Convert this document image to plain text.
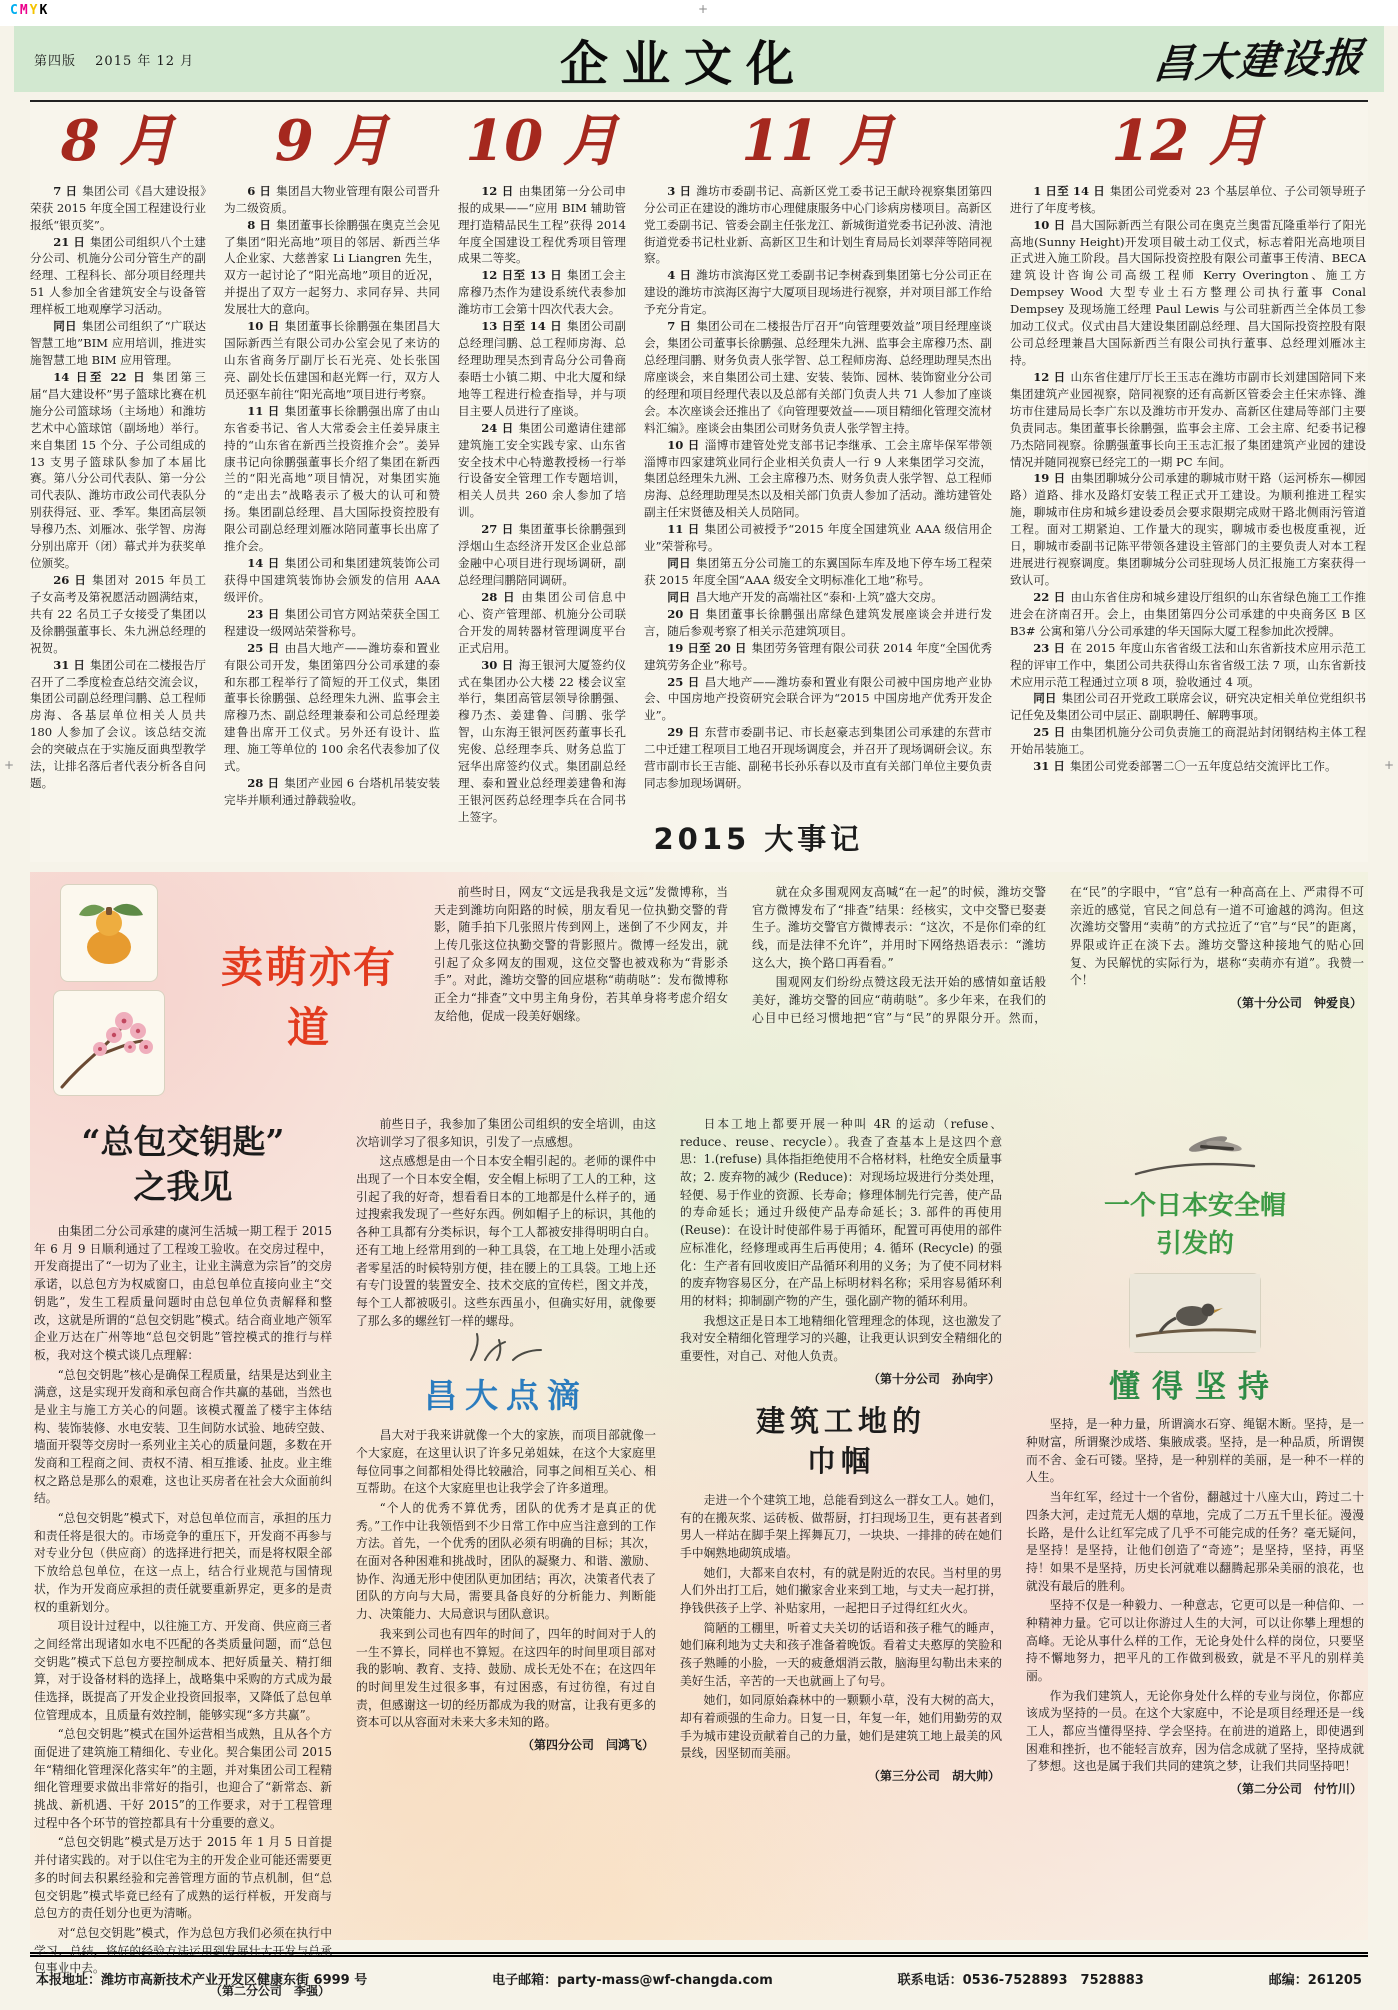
CMYK	+
+	+
第四版　 2015 年 12 月	企业文化	昌大建设报
8 月

7 日 集团公司《昌大建设报》荣获 2015 年度全国工程建设行业报纸“银页奖”。

21 日 集团公司组织八个土建分公司、机施分公司分管生产的副经理、工程科长、部分项目经理共 51 人参加全省建筑安全与设备管理样板工地观摩学习活动。

同日 集团公司组织了“广联达智慧工地”BIM 应用培训，推进实施智慧工地 BIM 应用管理。

14 日至 22 日 集团第三届“昌大建设杯”男子篮球比赛在机施分公司篮球场（主场地）和潍坊艺术中心篮球馆（副场地）举行。来自集团 15 个分、子公司组成的 13 支男子篮球队参加了本届比赛。第八分公司代表队、第一分公司代表队、潍坊市政公司代表队分别获得冠、亚、季军。集团高层领导穆乃杰、刘雁冰、张学智、房海分别出席开（闭）幕式并为获奖单位颁奖。

26 日 集团对 2015 年员工子女高考及第祝愿活动圆满结束，共有 22 名员工子女接受了集团以及徐鹏强董事长、朱九洲总经理的祝贺。

31 日 集团公司在二楼报告厅召开了二季度检查总结交流会议，集团公司副总经理闫鹏、总工程师房海、各基层单位相关人员共 180 人参加了会议。该总结交流会的突破点在于实施反面典型教学法，让排名落后者代表分析各自问题。

9 月

6 日 集团昌大物业管理有限公司晋升为二级资质。

8 日 集团董事长徐鹏强在奥克兰会见了集团“阳光高地”项目的邻居、新西兰华人企业家、大慈善家 Li Liangren 先生，双方一起讨论了“阳光高地”项目的近况，并提出了双方一起努力、求同存异、共同发展壮大的意向。

10 日 集团董事长徐鹏强在集团昌大国际新西兰有限公司办公室会见了来访的山东省商务厅副厅长石光亮、处长张国亮、副处长伍建国和赵光辉一行，双方人员还驱车前往“阳光高地”项目进行考察。

11 日 集团董事长徐鹏强出席了由山东省委书记、省人大常委会主任姜异康主持的“山东省在新西兰投资推介会”。姜异康书记向徐鹏强董事长介绍了集团在新西兰的“阳光高地”项目情况，对集团实施的“走出去”战略表示了极大的认可和赞扬。集团副总经理、昌大国际投资控股有限公司副总经理刘雁冰陪同董事长出席了推介会。

14 日 集团公司和集团建筑装饰公司获得中国建筑装饰协会颁发的信用 AAA 级评价。

23 日 集团公司官方网站荣获全国工程建设一级网站荣誉称号。

25 日 由昌大地产——潍坊泰和置业有限公司开发，集团第四分公司承建的泰和东郡工程举行了简短的开工仪式，集团董事长徐鹏强、总经理朱九洲、监事会主席穆乃杰、副总经理兼泰和公司总经理姜建鲁出席开工仪式。另外还有设计、监理、施工等单位的 100 余名代表参加了仪式。

28 日 集团产业园 6 台塔机吊装安装完毕并顺利通过静载验收。

10 月

12 日 由集团第一分公司申报的成果——“应用 BIM 辅助管理打造精品民生工程”获得 2014 年度全国建设工程优秀项目管理成果二等奖。

12 日至 13 日 集团工会主席穆乃杰作为建设系统代表参加潍坊市工会第十四次代表大会。

13 日至 14 日 集团公司副总经理闫鹏、总工程师房海、总经理助理吴杰到青岛分公司鲁商泰晤士小镇二期、中北大厦和绿地等工程进行检查指导，并与项目主要人员进行了座谈。

24 日 集团公司邀请住建部建筑施工安全实践专家、山东省安全技术中心特邀教授杨一行举行设备安全管理工作专题培训，相关人员共 260 余人参加了培训。

27 日 集团董事长徐鹏强到浮烟山生态经济开发区企业总部金融中心项目进行现场调研，副总经理闫鹏陪同调研。

28 日 由集团公司信息中心、资产管理部、机施分公司联合开发的周转器材管理调度平台正式启用。

30 日 海王银河大厦签约仪式在集团办公大楼 22 楼会议室举行，集团高管层领导徐鹏强、穆乃杰、姜建鲁、闫鹏、张学智，山东海王银河医药董事长孔宪俊、总经理李兵、财务总监丁冠华出席签约仪式。集团副总经理、泰和置业总经理姜建鲁和海王银河医药总经理李兵在合同书上签字。

11 月

3 日 潍坊市委副书记、高新区党工委书记王献玲视察集团第四分公司正在建设的潍坊市心理健康服务中心门诊病房楼项目。高新区党工委副书记、管委会副主任张龙江、新城街道党委书记孙波、清池街道党委书记杜业新、高新区卫生和计划生育局局长刘翠萍等陪同视察。

4 日 潍坊市滨海区党工委副书记李树森到集团第七分公司正在建设的潍坊市滨海区海宁大厦项目现场进行视察，并对项目部工作给予充分肯定。

7 日 集团公司在二楼报告厅召开“向管理要效益”项目经理座谈会，集团公司董事长徐鹏强、总经理朱九洲、监事会主席穆乃杰、副总经理闫鹏、财务负责人张学智、总工程师房海、总经理助理吴杰出席座谈会，来自集团公司土建、安装、装饰、园林、装饰窗业分公司的经理和项目经理代表以及总部有关部门负责人共 71 人参加了座谈会。本次座谈会还推出了《向管理要效益——项目精细化管理交流材料汇编》。座谈会由集团公司财务负责人张学智主持。

10 日 淄博市建管处党支部书记李继承、工会主席毕保军带领淄博市四家建筑业同行企业相关负责人一行 9 人来集团学习交流，集团总经理朱九洲、工会主席穆乃杰、财务负责人张学智、总工程师房海、总经理助理吴杰以及相关部门负责人参加了活动。潍坊建管处副主任宋贤德及相关人员陪同。

11 日 集团公司被授予“2015 年度全国建筑业 AAA 级信用企业”荣誉称号。

同日 集团第五分公司施工的东翼国际车库及地下停车场工程荣获 2015 年度全国“AAA 级安全文明标准化工地”称号。

同日 昌大地产开发的高端社区“泰和·上筑”盛大交房。

20 日 集团董事长徐鹏强出席绿色建筑发展座谈会并进行发言，随后参观考察了相关示范建筑项目。

19 日至 20 日 集团劳务管理有限公司获 2014 年度“全国优秀建筑劳务企业”称号。

25 日 昌大地产——潍坊泰和置业有限公司被中国房地产业协会、中国房地产投资研究会联合评为“2015 中国房地产优秀开发企业”。

29 日 东营市委副书记、市长赵豪志到集团公司承建的东营市二中迁建工程项目工地召开现场调度会，并召开了现场调研会议。东营市副市长王吉能、副秘书长孙乐春以及市直有关部门单位主要负责同志参加现场调研。

12 月

1 日至 14 日 集团公司党委对 23 个基层单位、子公司领导班子进行了年度考核。

10 日 昌大国际新西兰有限公司在奥克兰奥雷瓦隆重举行了阳光高地(Sunny Height)开发项目破土动工仪式，标志着阳光高地项目正式进入施工阶段。昌大国际投资控股有限公司董事王传清、BECA 建筑设计咨询公司高级工程师 Kerry Overington、施工方 Dempsey Wood 大型专业土石方整理公司执行董事 Conal Dempsey 及现场施工经理 Paul Lewis 与公司驻新西兰全体员工参加动工仪式。仪式由昌大建设集团副总经理、昌大国际投资控股有限公司总经理兼昌大国际新西兰有限公司执行董事、总经理刘雁冰主持。

12 日 山东省住建厅厅长王玉志在潍坊市副市长刘建国陪同下来集团建筑产业园视察，陪同视察的还有高新区管委会主任宋赤锋、潍坊市住建局局长李广东以及潍坊市开发办、高新区住建局等部门主要负责同志。集团董事长徐鹏强，监事会主席、工会主席、纪委书记穆乃杰陪同视察。徐鹏强董事长向王玉志汇报了集团建筑产业园的建设情况并随同视察已经完工的一期 PC 车间。

19 日 由集团聊城分公司承建的聊城市财干路（运河桥东—柳园路）道路、排水及路灯安装工程正式开工建设。为顺利推进工程实施，聊城市住房和城乡建设委员会要求限期完成财干路北侧雨污管道工程。面对工期紧迫、工作量大的现实，聊城市委也极度重视，近日，聊城市委副书记陈平带领各建设主管部门的主要负责人对本工程进展进行视察调度。集团聊城分公司驻现场人员汇报施工方案获得一致认可。

22 日 由山东省住房和城乡建设厅组织的山东省绿色施工工作推进会在济南召开。会上，由集团第四分公司承建的中央商务区 B 区 B3# 公寓和第八分公司承建的华天国际大厦工程参加此次授牌。

23 日 在 2015 年度山东省省级工法和山东省新技术应用示范工程的评审工作中，集团公司共获得山东省省级工法 7 项，山东省新技术应用示范工程通过立项 8 项，验收通过 4 项。

同日 集团公司召开党政工联席会议，研究决定相关单位党组织书记任免及集团公司中层正、副职聘任、解聘事项。

25 日 由集团机施分公司负责施工的商混站封闭钢结构主体工程开始吊装施工。

31 日 集团公司党委部署二〇一五年度总结交流评比工作。

2015 大事记
卖萌亦有道

前些时日，网友“文远是我我是文远”发微博称，当天走到潍坊向阳路的时候，朋友看见一位执勤交警的背影，随手拍下几张照片传到网上，迷倒了不少网友，并上传几张这位执勤交警的背影照片。微博一经发出，就引起了众多网友的围观，这位交警也被戏称为“背影杀手”。对此，潍坊交警的回应堪称“萌萌哒”：发布微博称正全力“排查”文中男主角身份，若其单身将考虑介绍女友给他，促成一段美好姻缘。

就在众多围观网友高喊“在一起”的时候，潍坊交警官方微博发布了“排查”结果：经核实，文中交警已娶妻生子。潍坊交警官方微博表示：“这次，不是你们牵的红线，而是法律不允许”，并用时下网络热语表示：“潍坊这么大，换个路口再看看。”

围观网友们纷纷点赞这段无法开始的感情如童话般美好，潍坊交警的回应“萌萌哒”。多少年来，在我们的心目中已经习惯地把“官”与“民”的界限分开。然而，在“民”的字眼中，“官”总有一种高高在上、严肃得不可亲近的感觉，官民之间总有一道不可逾越的鸿沟。但这次潍坊交警用“卖萌”的方式拉近了“官”与“民”的距离，界限或许正在淡下去。潍坊交警这种接地气的贴心回复、为民解忧的实际行为，堪称“卖萌亦有道”。我赞一个！

（第十分公司　钟爱良）

“总包交钥匙”
之我见

由集团二分公司承建的虞河生活城一期工程于 2015 年 6 月 9 日顺利通过了工程竣工验收。在交房过程中，开发商提出了“一切为了业主，让业主满意为宗旨”的交房承诺，以总包方为权威窗口，由总包单位直接向业主“交钥匙”，发生工程质量问题时由总包单位负责解释和整改，这就是所谓的“总包交钥匙”模式。结合商业地产领军企业万达在广州等地“总包交钥匙”管控模式的推行与样板，我对这个模式谈几点理解：

“总包交钥匙”核心是确保工程质量，结果是达到业主满意，这是实现开发商和承包商合作共赢的基础，当然也是业主与施工方关心的问题。该模式覆盖了楼宇主体结构、装饰装修、水电安装、卫生间防水试验、地砖空鼓、墙面开裂等交房时一系列业主关心的质量问题，多数在开发商和工程商之间、责权不清、相互推诿、扯皮。业主维权之路总是那么的艰难，这也让买房者在社会大众面前纠结。

“总包交钥匙”模式下，对总包单位而言，承担的压力和责任将是很大的。市场竞争的重压下，开发商不再参与对专业分包（供应商）的选择进行把关，而是将权限全部下放给总包单位，在这一点上，结合行业规范与国情现状，作为开发商应承担的责任就要重新界定，更多的是责权的重新划分。

项目设计过程中，以往施工方、开发商、供应商三者之间经常出现诸如水电不匹配的各类质量问题，而“总包交钥匙”模式下总包方要控制成本、把好质量关、精打细算，对于设备材料的选择上，战略集中采购的方式成为最佳选择，既提高了开发企业投资回报率，又降低了总包单位管理成本，且质量有效控制，能够实现“多方共赢”。

“总包交钥匙”模式在国外运营相当成熟，且从各个方面促进了建筑施工精细化、专业化。契合集团公司 2015 年“精细化管理深化落实年”的主题，并对集团公司工程精细化管理要求做出非常好的指引，也迎合了“新常态、新挑战、新机遇、干好 2015”的工作要求，对于工程管理过程中各个环节的管控都具有十分重要的意义。

“总包交钥匙”模式是万达于 2015 年 1 月 5 日首提并付诸实践的。对于以住宅为主的开发企业可能还需要更多的时间去积累经验和完善管理方面的节点机制，但“总包交钥匙”模式毕竟已经有了成熟的运行样板，开发商与总包方的责任划分也更为清晰。

对“总包交钥匙”模式，作为总包方我们必须在执行中学习、总结，将好的经验方法运用到发展壮大开发与总承包事业中去。

（第二分公司　李强）

前些日子，我参加了集团公司组织的安全培训，由这次培训学习了很多知识，引发了一点感想。

这点感想是由一个日本安全帽引起的。老师的课件中出现了一个日本安全帽，安全帽上标明了工人的工种，这引起了我的好奇，想看看日本的工地都是什么样子的，通过搜索我发现了一些好东西。例如帽子上的标识，其他的各种工具都有分类标识，每个工人都被安排得明明白白。还有工地上经常用到的一种工具袋，在工地上处理小活或者零星活的时候特别方便，挂在腰上的工具袋。工地上还有专门设置的装置安全、技术交底的宣传栏，图文并茂，每个工人都被吸引。这些东西虽小，但确实好用，就像要了那么多的螺丝钉一样的螺母。

昌大点滴

昌大对于我来讲就像一个大的家族，而项目部就像一个大家庭，在这里认识了许多兄弟姐妹，在这个大家庭里每位同事之间都相处得比较融洽，同事之间相互关心、相互帮助。在这个大家庭里也让我学会了许多道理。

“个人的优秀不算优秀，团队的优秀才是真正的优秀。”工作中让我领悟到不少日常工作中应当注意到的工作方法。首先，一个优秀的团队必须有明确的目标；其次，在面对各种困难和挑战时，团队的凝聚力、和谐、激励、协作、沟通无形中使团队更加团结；再次，决策者代表了团队的方向与大局，需要具备良好的分析能力、判断能力、决策能力、大局意识与团队意识。

我来到公司也有四年的时间了，四年的时间对于人的一生不算长，同样也不算短。在这四年的时间里项目部对我的影响、教育、支持、鼓励、成长无处不在；在这四年的时间里发生过很多事，有过困惑，有过彷徨，有过自责，但感谢这一切的经历都成为我的财富，让我有更多的资本可以从容面对未来大多未知的路。

（第四分公司　闫鸿飞）

日本工地上都要开展一种叫 4R 的运动（refuse、reduce、reuse、recycle）。我查了查基本上是这四个意思：1.(refuse) 具体指拒绝使用不合格材料，杜绝安全质量事故；2. 废弃物的减少 (Reduce)：对现场垃圾进行分类处理，轻便、易于作业的资源、长寿命；修理体制先行完善，使产品的寿命延长；通过升级使产品寿命延长；3. 部件的再使用 (Reuse)：在设计时使部件易于再循环，配置可再使用的部件应标准化，经修理或再生后再使用；4. 循环 (Recycle) 的强化：生产者有回收废旧产品循环利用的义务；为了使不同材料的废弃物容易区分，在产品上标明材料名称；采用容易循环利用的材料；抑制副产物的产生，强化副产物的循环利用。

我想这正是日本工地精细化管理理念的体现，这也激发了我对安全精细化管理学习的兴趣，让我更认识到安全精细化的重要性，对自己、对他人负责。

（第十分公司　孙向宇）

建筑工地的
巾帼

走进一个个建筑工地，总能看到这么一群女工人。她们，有的在搬灰浆、运砖板、做帮厨，打扫现场卫生，更有甚者到男人一样站在脚手架上挥舞瓦刀，一块块、一排排的砖在她们手中娴熟地砌筑成墙。

她们，大都来自农村，有的就是附近的农民。当村里的男人们外出打工后，她们撇家舍业来到工地，与丈夫一起打拼，挣钱供孩子上学、补贴家用，一起把日子过得红红火火。

简陋的工棚里，听着丈夫关切的话语和孩子稚气的睡声，她们麻利地为丈夫和孩子准备着晚饭。看着丈夫憨厚的笑脸和孩子熟睡的小脸，一天的疲惫烟消云散，脑海里勾勒出未来的美好生活，辛苦的一天也就画上了句号。

她们，如同原始森林中的一颗颗小草，没有大树的高大，却有着顽强的生命力。日复一日，年复一年，她们用勤劳的双手为城市建设贡献着自己的力量，她们是建筑工地上最美的风景线，因坚韧而美丽。

（第三分公司　胡大帅）

一个日本安全帽
引发的
懂得坚持

坚持，是一种力量，所谓滴水石穿、绳锯木断。坚持，是一种财富，所谓聚沙成塔、集腋成裘。坚持，是一种品质，所谓锲而不舍、金石可镂。坚持，是一种别样的美丽，是一种不一样的人生。

当年红军，经过十一个省份，翻越过十八座大山，跨过二十四条大河，走过荒无人烟的草地，完成了二万五千里长征。漫漫长路，是什么让红军完成了几乎不可能完成的任务？毫无疑问，是坚持！是坚持，让他们创造了“奇迹”；是坚持，坚持，再坚持！如果不是坚持，历史长河就难以翻腾起那朵美丽的浪花，也就没有最后的胜利。

坚持不仅是一种毅力、一种意志，它更可以是一种信仰、一种精神力量。它可以让你游过人生的大河，可以让你攀上理想的高峰。无论从事什么样的工作，无论身处什么样的岗位，只要坚持不懈地努力，把平凡的工作做到极致，就是不平凡的别样美丽。

作为我们建筑人，无论你身处什么样的专业与岗位，你都应该成为坚持的一员。在这个大家庭中，不论是项目经理还是一线工人，都应当懂得坚持、学会坚持。在前进的道路上，即使遇到困难和挫折，也不能轻言放弃，因为信念成就了坚持，坚持成就了梦想。这也是属于我们共同的建筑之梦，让我们共同坚持吧！

（第二分公司　付竹川）

本报地址：潍坊市高新技术产业开发区健康东街 6999 号	电子邮箱：party-mass@wf-changda.com	联系电话：0536-7528893　7528883	邮编：261205
